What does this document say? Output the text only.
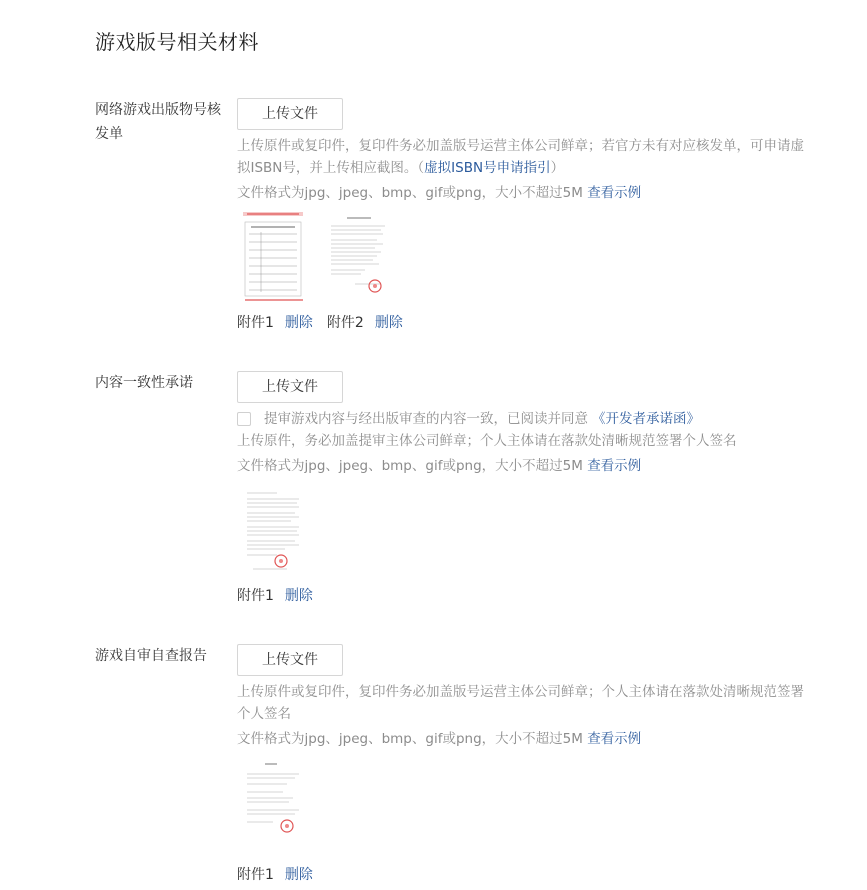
游戏版号相关材料
网络游戏出版物号核发单
上传文件
上传原件或复印件，复印件务必加盖版号运营主体公司鲜章；若官方未有对应核发单，可申请虚拟ISBN号，并上传相应截图。（虚拟ISBN号申请指引）
文件格式为jpg、jpeg、bmp、gif或png，大小不超过5M 查看示例
附件1 删除 附件2 删除
内容一致性承诺	上传文件
提审游戏内容与经出版审查的内容一致，已阅读并同意 《开发者承诺函》
上传原件，务必加盖提审主体公司鲜章；个人主体请在落款处清晰规范签署个人签名
文件格式为jpg、jpeg、bmp、gif或png，大小不超过5M 查看示例
附件1 删除
游戏自审自查报告	上传文件
上传原件或复印件，复印件务必加盖版号运营主体公司鲜章；个人主体请在落款处清晰规范签署个人签名
文件格式为jpg、jpeg、bmp、gif或png，大小不超过5M 查看示例
附件1 删除
